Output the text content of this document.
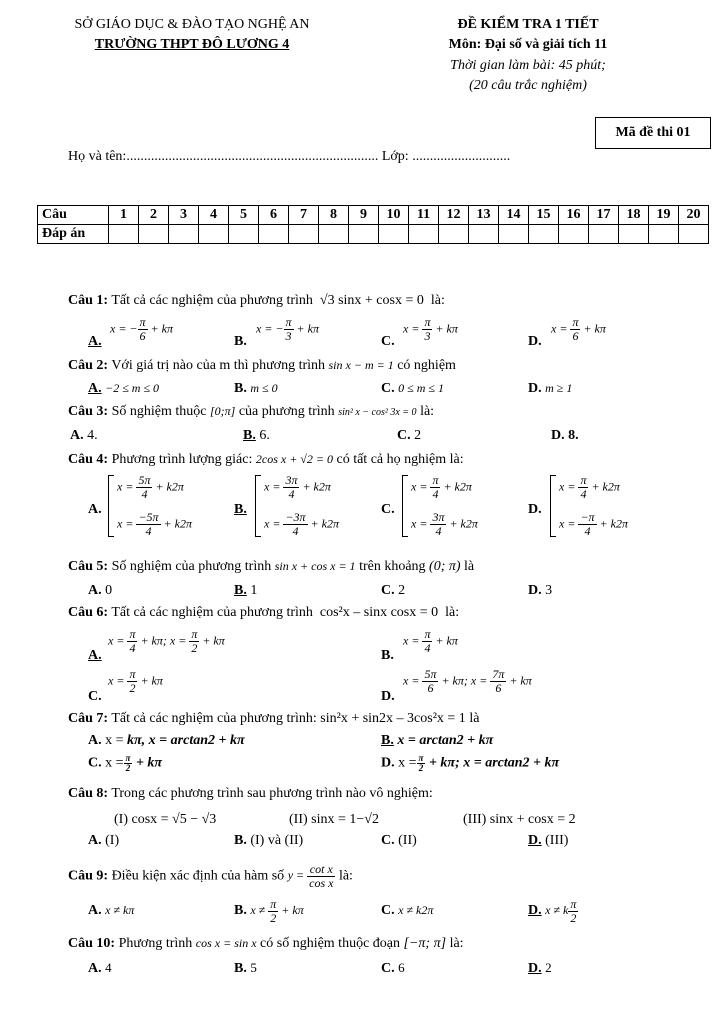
SỞ GIÁO DỤC & ĐÀO TẠO NGHỆ AN
TRƯỜNG THPT ĐÔ LƯƠNG 4
ĐỀ KIỂM TRA 1 TIẾT
Môn: Đại số và giải tích 11
Thời gian làm bài: 45 phút;
(20 câu trắc nghiệm)
Mã đề thi 01
Họ và tên:........................................................................ Lớp: ............................
Câu	1	2	3	4	5	6	7	8	9	10	11	12	13	14	15	16	17	18	19	20
Đáp án																				
Câu 1: Tất cả các nghiệm của phương trình √3 sinx + cosx = 0 là:
A.
x = − $\frac{\pi}{6} + k\pi$
B.
x = − $\frac{\pi}{3} + k\pi$
C.
$x = \frac{\pi}{3} + k\pi$
D.
$x = \frac{\pi}{6} + k\pi$
Câu 2: Với giá trị nào của m thì phương trình sin x − m = 1 có nghiệm
A. −2 ≤ m ≤ 0	B. m ≤ 0	C. 0 ≤ m ≤ 1	D. m ≥ 1
Câu 3: Số nghiệm thuộc [0;π] của phương trình sin² x − cos² 3x = 0 là:
A. 4.	B. 6.	C. 2	D. 8.
Câu 4: Phương trình lượng giác: 2cos x + √2 = 0 có tất cả họ nghiệm là:
A.
$x = \frac{5\pi}{4} + k2\pi$
$x = \frac{-5\pi}{4} + k2\pi$
B.
$x = \frac{3\pi}{4} + k2\pi$
$x = \frac{-3\pi}{4} + k2\pi$
C.
$x = \frac{\pi}{4} + k2\pi$
$x = \frac{3\pi}{4} + k2\pi$
D.
$x = \frac{\pi}{4} + k2\pi$
$x = \frac{-\pi}{4} + k2\pi$
Câu 5: Số nghiệm của phương trình sin x + cos x = 1 trên khoảng (0; π) là
A. 0	B. 1	C. 2	D. 3
Câu 6: Tất cả các nghiệm của phương trình cos²x – sinx cosx = 0 là:
A.
$x = \frac{\pi}{4} + k\pi$; $x = \frac{\pi}{2} + k\pi$
B.
$x = \frac{\pi}{4} + k\pi$
C.
$x = \frac{\pi}{2} + k\pi$
D.
$x = \frac{5\pi}{6} + k\pi$; $x = \frac{7\pi}{6} + k\pi$
Câu 7: Tất cả các nghiệm của phương trình: sin²x + sin2x – 3cos²x = 1 là
A. x = kπ, x = arctan2 + kπ	B. x = arctan2 + kπ
C. $x = \frac{\pi}{2} + k\pi$	D. $x = \frac{\pi}{2} + k\pi$; x = arctan2 + kπ
Câu 8: Trong các phương trình sau phương trình nào vô nghiệm:
(I) cosx = √5 − √3	(II) sinx = 1−√2	(III) sinx + cosx = 2
A. (I)	B. (I) và (II)	C. (II)	D. (III)
Câu 9: Điều kiện xác định của hàm số $y = \frac{\text{cot x}}{\text{cos x}}$ là:
A. x ≠ kπ	B. $x \ne \frac{\pi}{2} + k\pi$	C. x ≠ k2π	D. x ≠ k $\frac{\pi}{2}$
Câu 10: Phương trình cos x = sin x có số nghiệm thuộc đoạn [−π; π] là:
A. 4	B. 5	C. 6	D. 2
